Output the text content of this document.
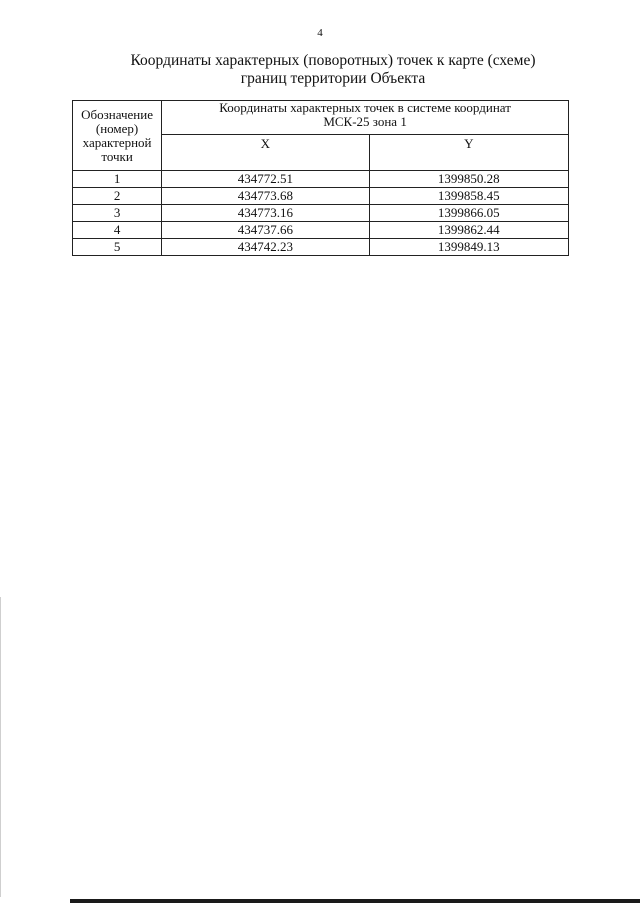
4
Координаты характерных (поворотных) точек к карте (схеме)
границ территории Объекта
Обозначение
(номер)
характерной
точки	Координаты характерных точек в системе координат
МСК-25 зона 1	

	X	Y
1	434772.51	1399850.28
2	434773.68	1399858.45
3	434773.16	1399866.05
4	434737.66	1399862.44
5	434742.23	1399849.13
